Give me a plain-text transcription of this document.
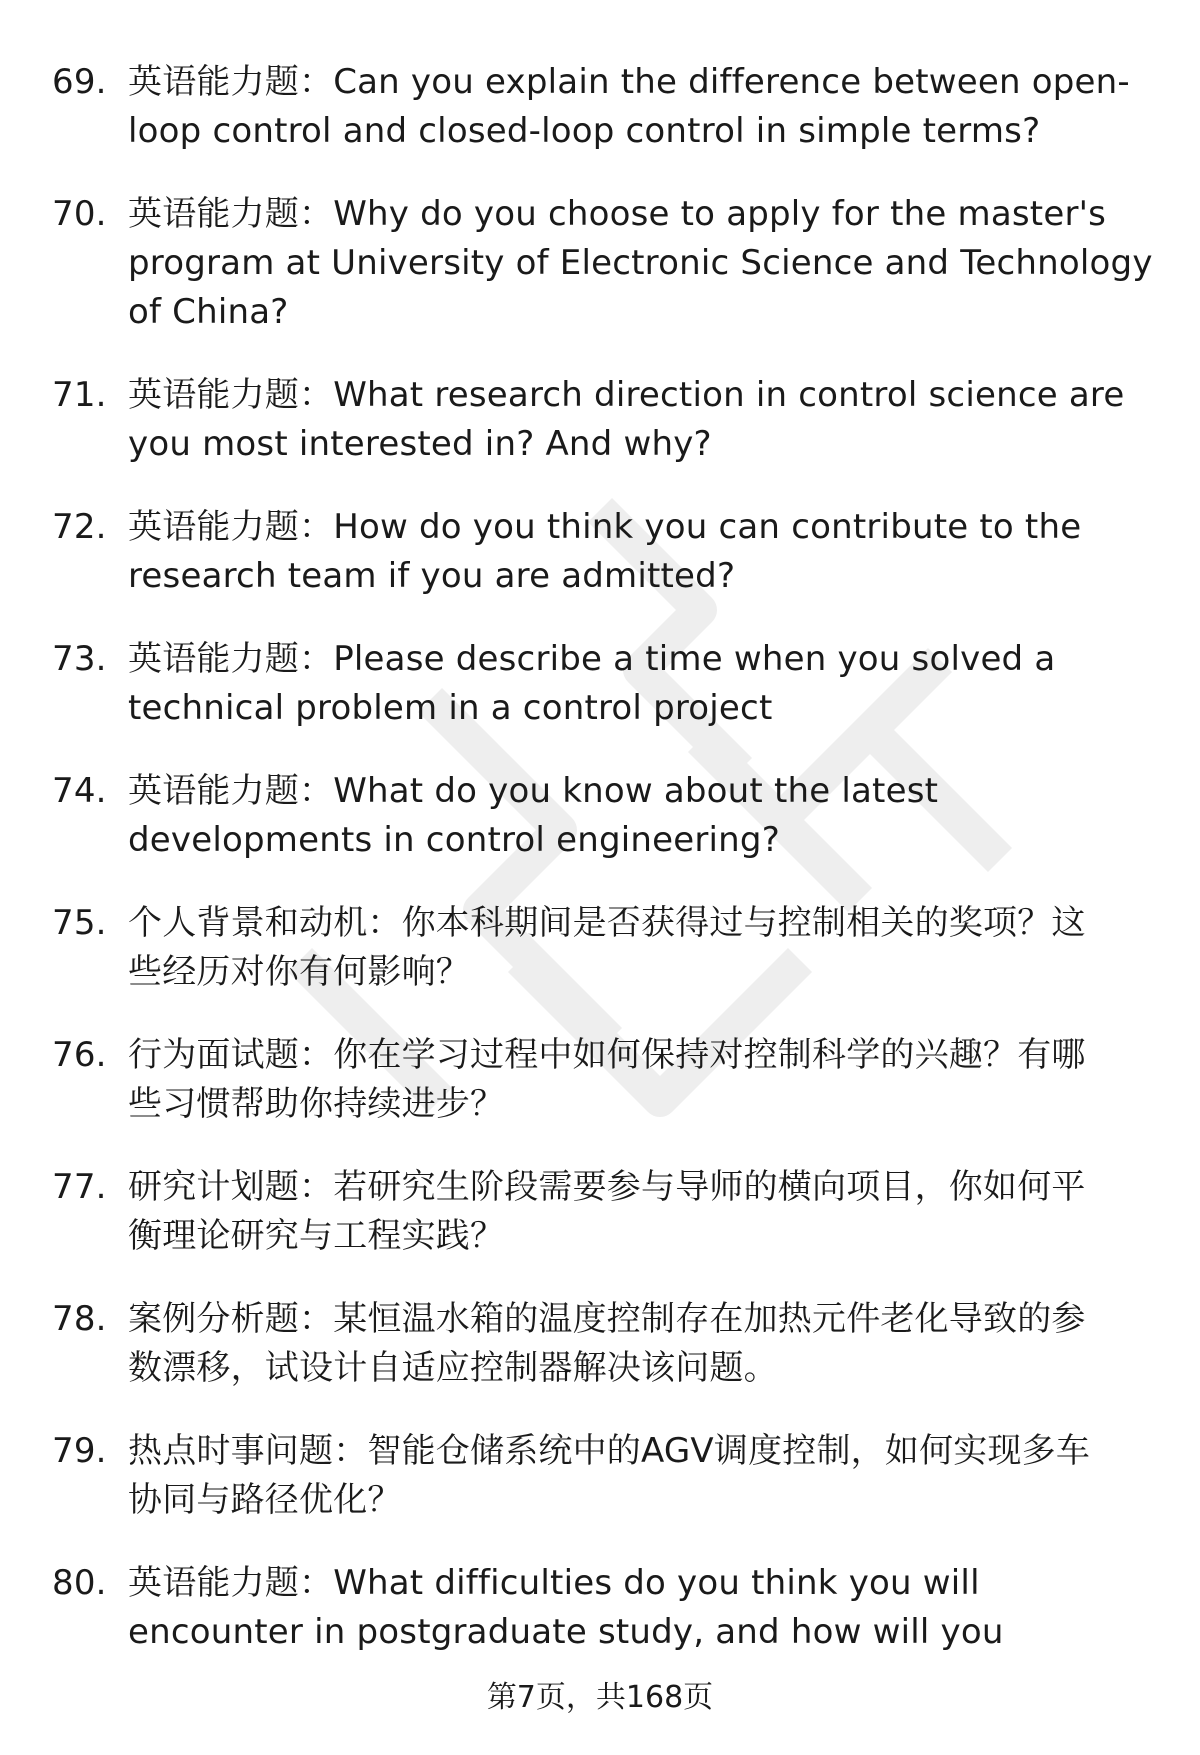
69. 英语能力题：Can you explain the difference between open-
loop control and closed-loop control in simple terms?
70. 英语能力题：Why do you choose to apply for the master's
program at University of Electronic Science and Technology
of China?
71. 英语能力题：What research direction in control science are
you most interested in? And why?
72. 英语能力题：How do you think you can contribute to the
research team if you are admitted?
73. 英语能力题：Please describe a time when you solved a
technical problem in a control project
74. 英语能力题：What do you know about the latest
developments in control engineering?
75. 个人背景和动机：你本科期间是否获得过与控制相关的奖项？这
些经历对你有何影响？
76. 行为面试题：你在学习过程中如何保持对控制科学的兴趣？有哪
些习惯帮助你持续进步？
77. 研究计划题：若研究生阶段需要参与导师的横向项目，你如何平
衡理论研究与工程实践？
78. 案例分析题：某恒温水箱的温度控制存在加热元件老化导致的参
数漂移，试设计自适应控制器解决该问题。
79. 热点时事问题：智能仓储系统中的AGV调度控制，如何实现多车
协同与路径优化？
80. 英语能力题：What difficulties do you think you will
encounter in postgraduate study, and how will you
第7页，共168页
